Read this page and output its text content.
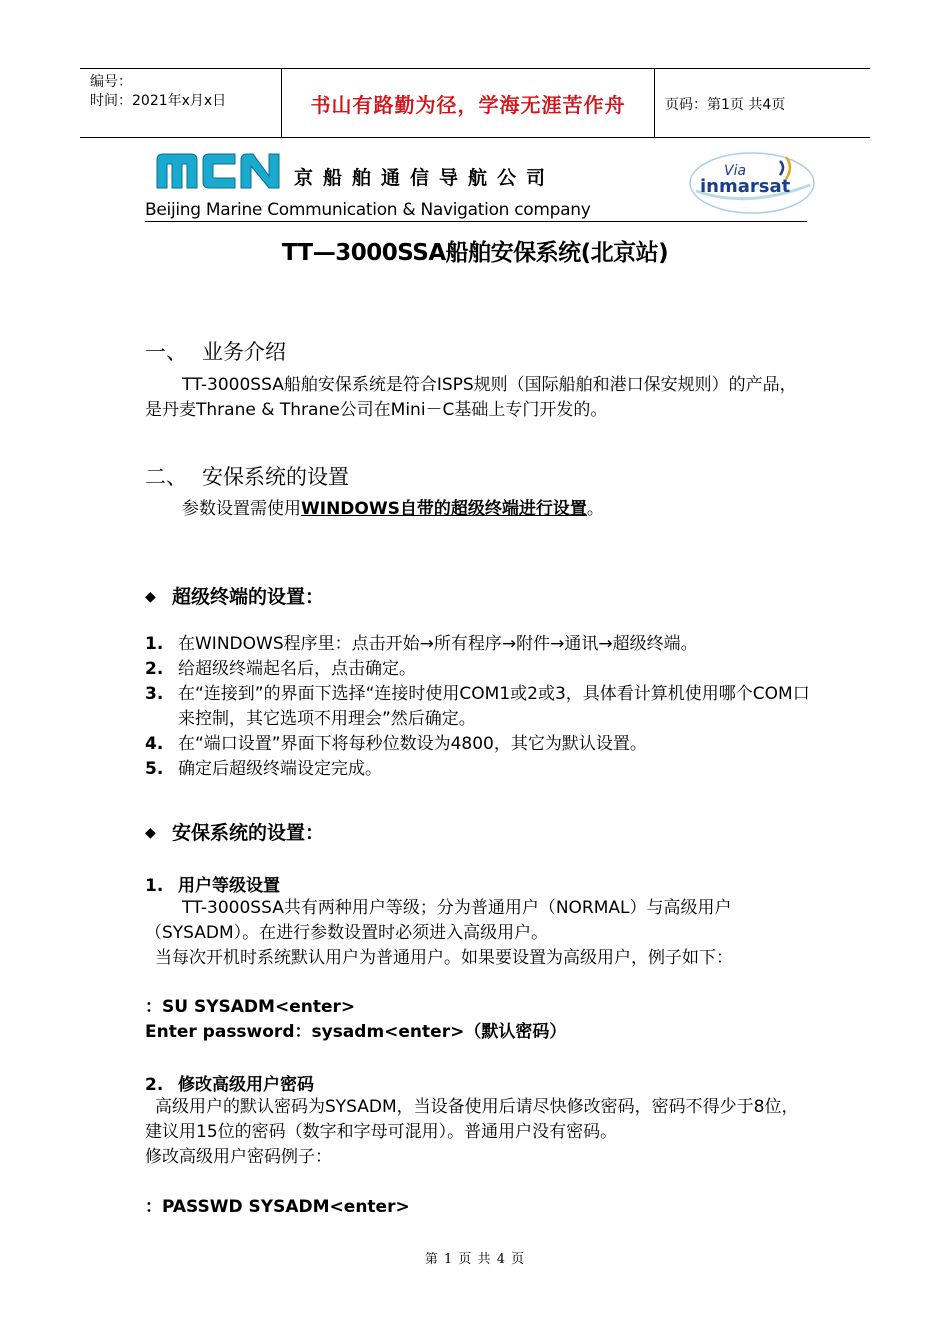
编号：
时间：2021年x月x日	书山有路勤为径，学海无涯苦作舟	页码：第1页 共4页
京船舶通信导航公司
Beijing Marine Communication & Navigation company
Via
inmarsat
TT—3000SSA船舶安保系统(北京站)
一、 业务介绍
TT-3000SSA船舶安保系统是符合ISPS规则（国际船舶和港口保安规则）的产品，是丹麦Thrane & Thrane公司在Mini－C基础上专门开发的。
二、 安保系统的设置
参数设置需使用WINDOWS自带的超级终端进行设置。
◆ 超级终端的设置：
1. 在WINDOWS程序里：点击开始→所有程序→附件→通讯→超级终端。
2. 给超级终端起名后，点击确定。
3. 在“连接到”的界面下选择“连接时使用COM1或2或3，具体看计算机使用哪个COM口来控制，其它选项不用理会”然后确定。
4. 在“端口设置”界面下将每秒位数设为4800，其它为默认设置。
5. 确定后超级终端设定完成。
◆ 安保系统的设置：
1. 用户等级设置
TT-3000SSA共有两种用户等级；分为普通用户（NORMAL）与高级用户（SYSADM）。在进行参数设置时必须进入高级用户。
当每次开机时系统默认用户为普通用户。如果要设置为高级用户，例子如下：
：SU SYSADM<enter>
Enter password：sysadm<enter>（默认密码）
2. 修改高级用户密码
高级用户的默认密码为SYSADM，当设备使用后请尽快修改密码，密码不得少于8位，建议用15位的密码（数字和字母可混用）。普通用户没有密码。
修改高级用户密码例子：
：PASSWD SYSADM<enter>
第 1 页 共 4 页
